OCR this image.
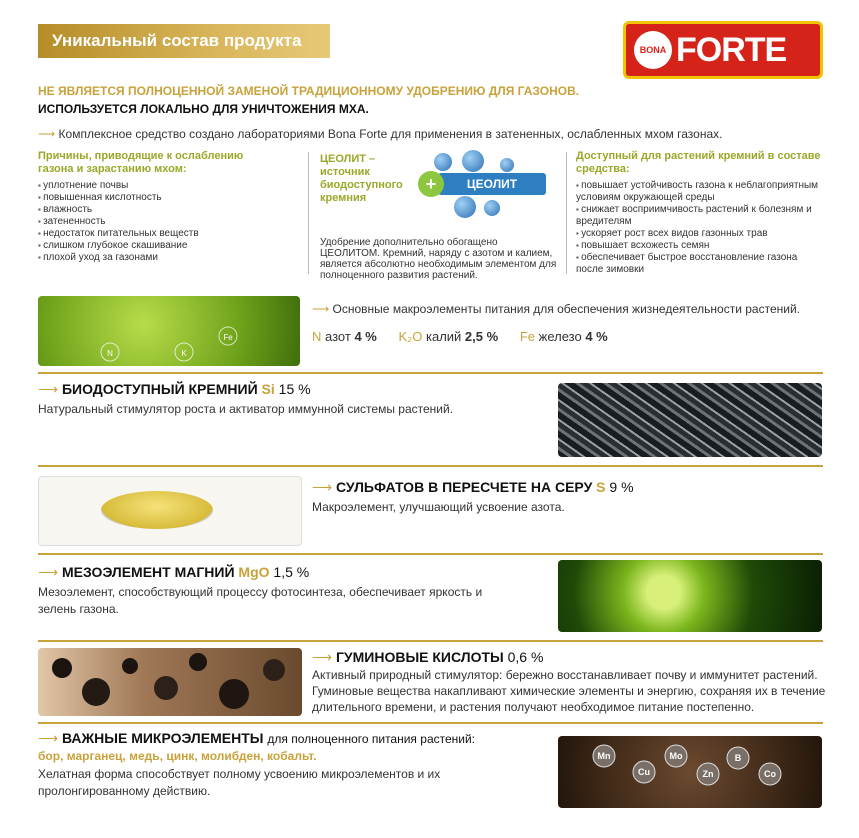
Уникальный состав продукта	BONA FORTE
НЕ ЯВЛЯЕТСЯ ПОЛНОЦЕННОЙ ЗАМЕНОЙ ТРАДИЦИОННОМУ УДОБРЕНИЮ ДЛЯ ГАЗОНОВ.
ИСПОЛЬЗУЕТСЯ ЛОКАЛЬНО ДЛЯ УНИЧТОЖЕНИЯ МХА.
⟶ Комплексное средство создано лабораториями Bona Forte для применения в затененных, ослабленных мхом газонах.
Причины, приводящие к ослаблению газона и зарастанию мхом:
▪ уплотнение почвы
▪ повышенная кислотность
▪ влажность
▪ затененность
▪ недостаток питательных веществ
▪ слишком глубокое скашивание
▪ плохой уход за газонами
ЦЕОЛИТ – источник биодоступного кремния
ЦЕОЛИТ
+
Удобрение дополнительно обогащено ЦЕОЛИТОМ. Кремний, наряду с азотом и калием, является абсолютно необходимым элементом для полноценного развития растений.
Доступный для растений кремний в составе средства:
▪ повышает устойчивость газона к неблагоприятным условиям окружающей среды
▪ снижает восприимчивость растений к болезням и вредителям
▪ ускоряет рост всех видов газонных трав
▪ повышает всхожесть семян
▪ обеспечивает быстрое восстановление газона после зимовки
N	K
Fe
⟶ Основные макроэлементы питания для обеспечения жизнедеятельности растений.
N азот 4 % K₂O калий 2,5 % Fe железо 4 %
⟶ БИОДОСТУПНЫЙ КРЕМНИЙ Si 15 %
Натуральный стимулятор роста и активатор иммунной системы растений.
⟶ СУЛЬФАТОВ В ПЕРЕСЧЕТЕ НА СЕРУ S 9 %
Макроэлемент, улучшающий усвоение азота.
⟶ МЕЗОЭЛЕМЕНТ МАГНИЙ MgO 1,5 %
Мезоэлемент, способствующий процессу фотосинтеза, обеспечивает яркость и зелень газона.
⟶ ГУМИНОВЫЕ КИСЛОТЫ 0,6 %
Активный природный стимулятор: бережно восстанавливает почву и иммунитет растений. Гуминовые вещества накапливают химические элементы и энергию, сохраняя их в течение длительного времени, и растения получают необходимое питание постепенно.
⟶ ВАЖНЫЕ МИКРОЭЛЕМЕНТЫ для полноценного питания растений:
бор, марганец, медь, цинк, молибден, кобальт.
Хелатная форма способствует полному усвоению микроэлементов и их пролонгированному действию.
Mn
Cu
Mo
Zn
B
Co
